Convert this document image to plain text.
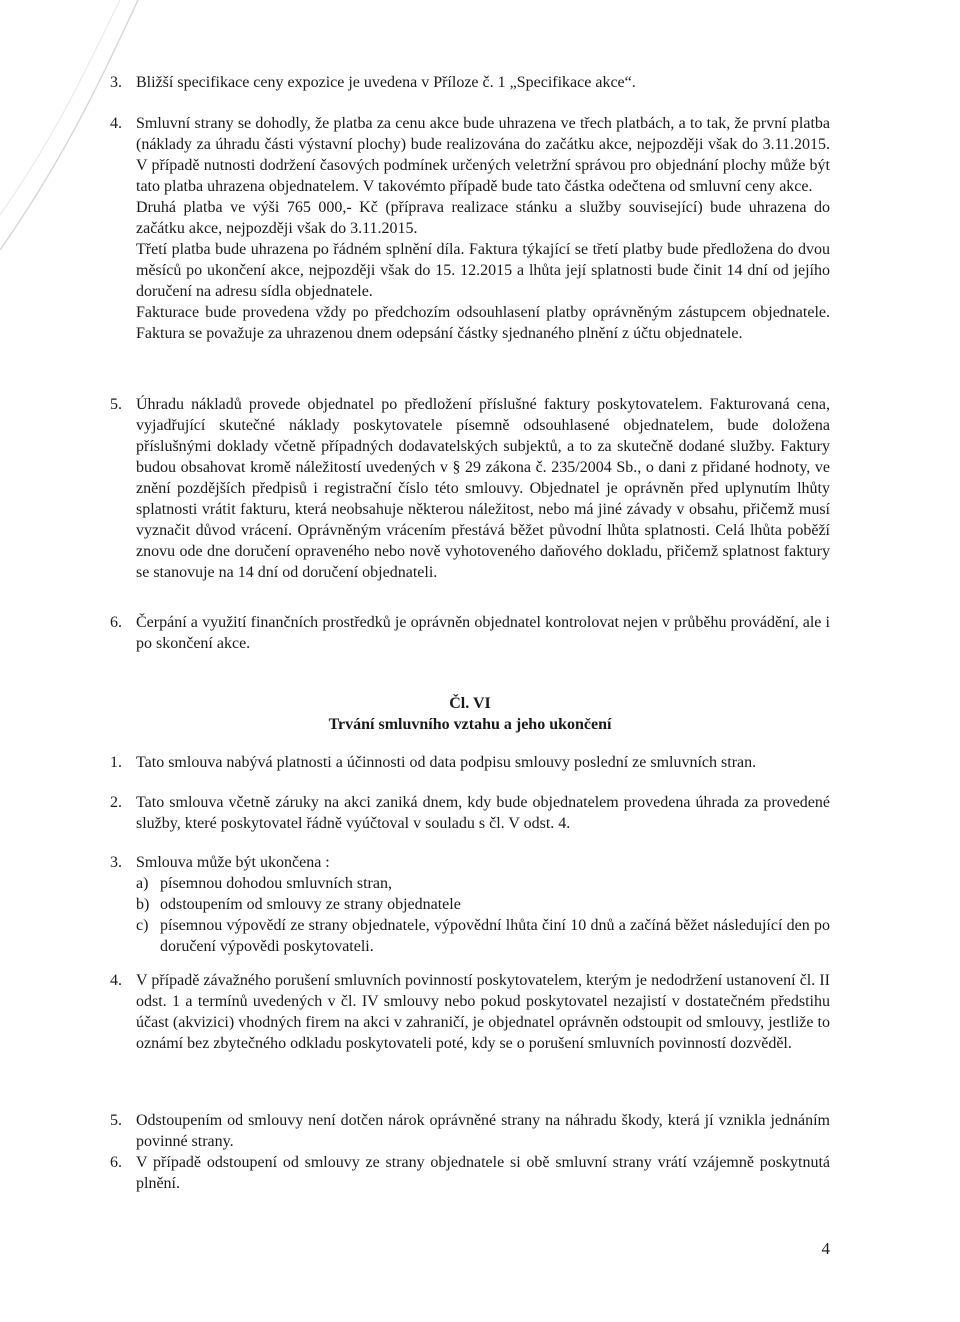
3. Bližší specifikace ceny expozice je uvedena v Příloze č. 1 „Specifikace akce“.

4. Smluvní strany se dohodly, že platba za cenu akce bude uhrazena ve třech platbách, a to tak, že první platba (náklady za úhradu části výstavní plochy) bude realizována do začátku akce, nejpozději však do 3.11.2015. V případě nutnosti dodržení časových podmínek určených veletržní správou pro objednání plochy může být tato platba uhrazena objednatelem. V takovémto případě bude tato částka odečtena od smluvní ceny akce.

Druhá platba ve výši 765 000,- Kč (příprava realizace stánku a služby související) bude uhrazena do začátku akce, nejpozději však do 3.11.2015.

Třetí platba bude uhrazena po řádném splnění díla. Faktura týkající se třetí platby bude předložena do dvou měsíců po ukončení akce, nejpozději však do 15. 12.2015 a lhůta její splatnosti bude činit 14 dní od jejího doručení na adresu sídla objednatele.

Fakturace bude provedena vždy po předchozím odsouhlasení platby oprávněným zástupcem objednatele. Faktura se považuje za uhrazenou dnem odepsání částky sjednaného plnění z účtu objednatele.

5. Úhradu nákladů provede objednatel po předložení příslušné faktury poskytovatelem. Fakturovaná cena, vyjadřující skutečné náklady poskytovatele písemně odsouhlasené objednatelem, bude doložena příslušnými doklady včetně případných dodavatelských subjektů, a to za skutečně dodané služby. Faktury budou obsahovat kromě náležitostí uvedených v § 29 zákona č. 235/2004 Sb., o dani z přidané hodnoty, ve znění pozdějších předpisů i registrační číslo této smlouvy. Objednatel je oprávněn před uplynutím lhůty splatnosti vrátit fakturu, která neobsahuje některou náležitost, nebo má jiné závady v obsahu, přičemž musí vyznačit důvod vrácení. Oprávněným vrácením přestává běžet původní lhůta splatnosti. Celá lhůta poběží znovu ode dne doručení opraveného nebo nově vyhotoveného daňového dokladu, přičemž splatnost faktury se stanovuje na 14 dní od doručení objednateli.

6. Čerpání a využití finančních prostředků je oprávněn objednatel kontrolovat nejen v průběhu provádění, ale i po skončení akce.

Čl. VI
Trvání smluvního vztahu a jeho ukončení
1. Tato smlouva nabývá platnosti a účinnosti od data podpisu smlouvy poslední ze smluvních stran.
2. Tato smlouva včetně záruky na akci zaniká dnem, kdy bude objednatelem provedena úhrada za provedené služby, které poskytovatel řádně vyúčtoval v souladu s čl. V odst. 4.
3. Smlouva může být ukončena :
a) písemnou dohodou smluvních stran,
b) odstoupením od smlouvy ze strany objednatele
c) písemnou výpovědí ze strany objednatele, výpovědní lhůta činí 10 dnů a začíná běžet následující den po doručení výpovědi poskytovateli.
4. V případě závažného porušení smluvních povinností poskytovatelem, kterým je nedodržení ustanovení čl. II odst. 1 a termínů uvedených v čl. IV smlouvy nebo pokud poskytovatel nezajistí v dostatečném předstihu účast (akvizici) vhodných firem na akci v zahraničí, je objednatel oprávněn odstoupit od smlouvy, jestliže to oznámí bez zbytečného odkladu poskytovateli poté, kdy se o porušení smluvních povinností dozvěděl.
5. Odstoupením od smlouvy není dotčen nárok oprávněné strany na náhradu škody, která jí vznikla jednáním povinné strany.
6. V případě odstoupení od smlouvy ze strany objednatele si obě smluvní strany vrátí vzájemně poskytnutá plnění.
4
